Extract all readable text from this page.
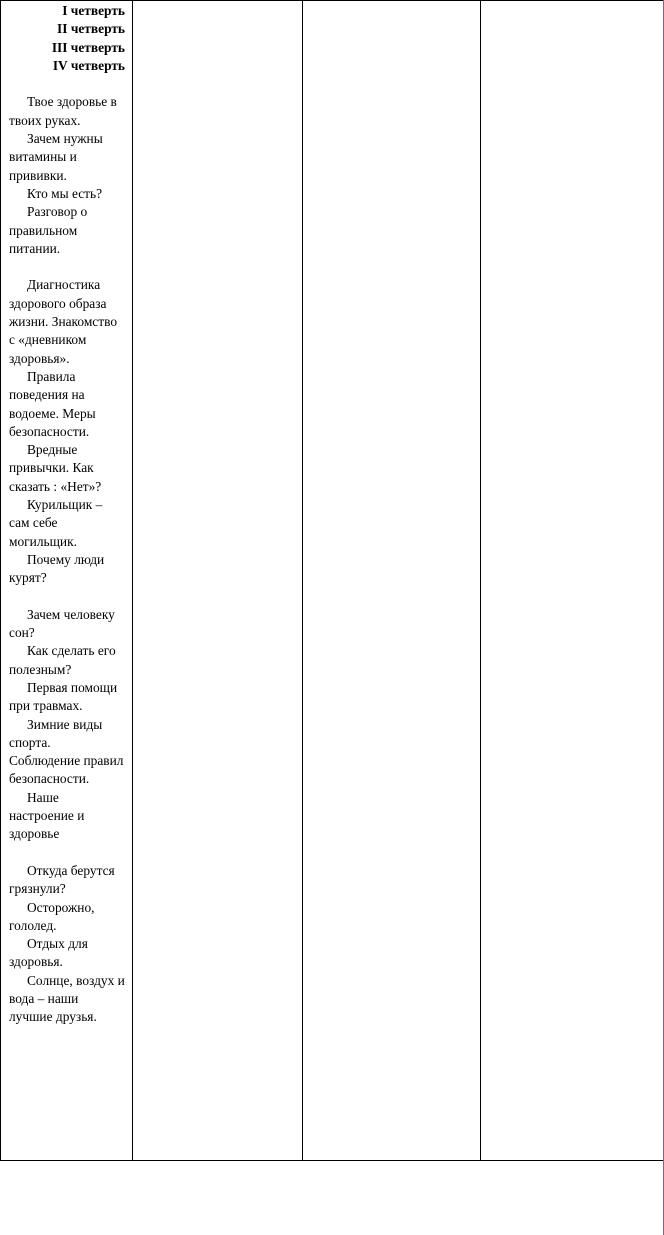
I четверть
II четверть
III четверть
IV четверть
Твое здоровье в твоих руках.
Зачем нужны витамины и прививки.
Кто мы есть?
Разговор о правильном питании.
Диагностика здорового образа жизни. Знакомство с «дневником здоровья».
Правила поведения на водоеме. Меры безопасности.
Вредные привычки. Как сказать : «Нет»?
Курильщик – сам себе могильщик.
Почему люди курят?
Зачем человеку сон?
Как сделать его полезным?
Первая помощи при травмах.
Зимние виды спорта. Соблюдение правил безопасности.
Наше настроение и здоровье
Откуда берутся грязнули?
Осторожно, гололед.
Отдых для здоровья.
Солнце, воздух и вода – наши лучшие друзья.
